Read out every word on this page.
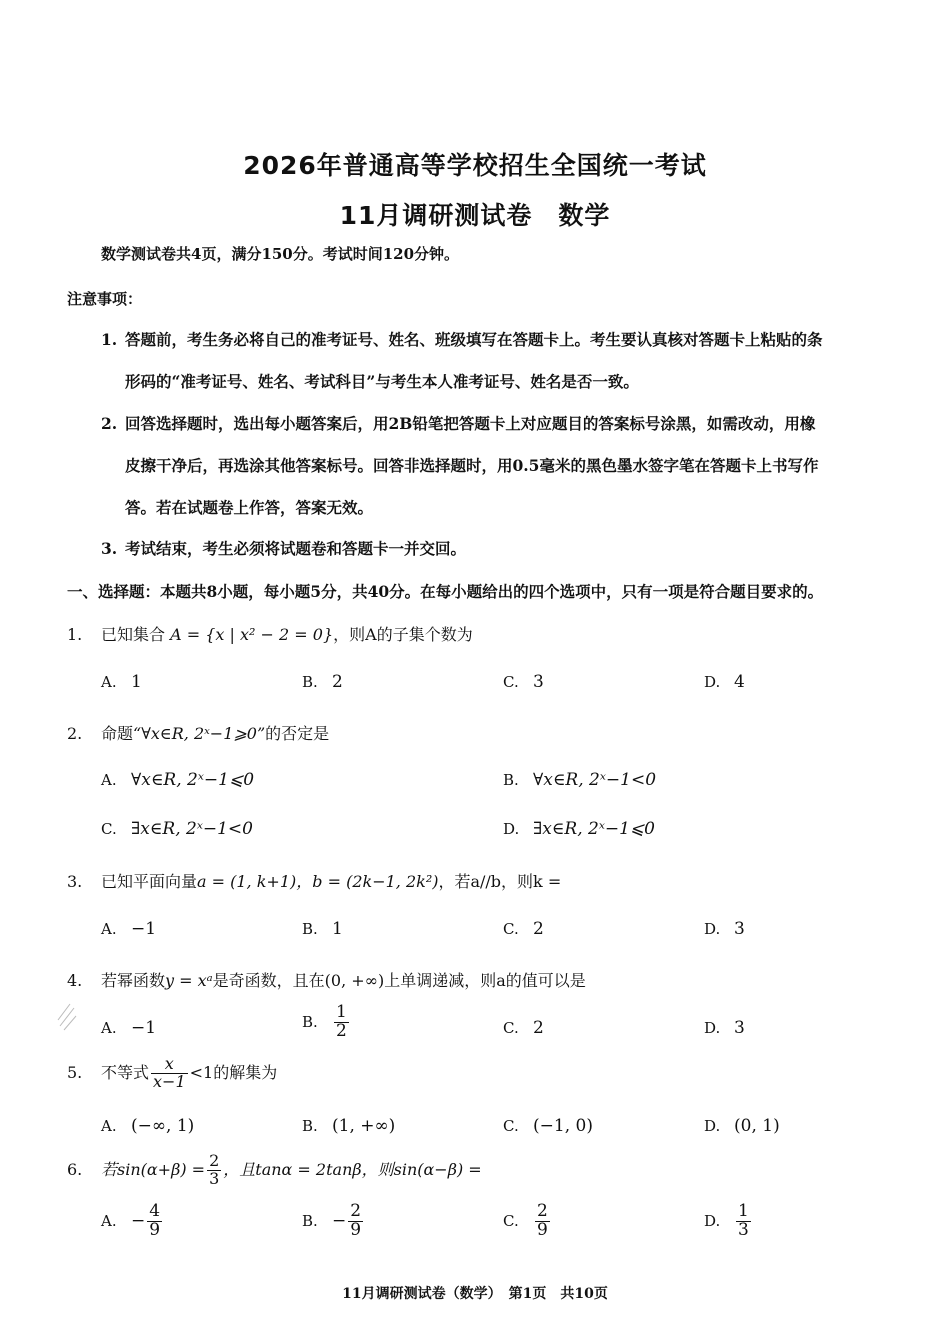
2026年普通高等学校招生全国统一考试
11月调研测试卷　数学
数学测试卷共4页，满分150分。考试时间120分钟。
注意事项：
1. 答题前，考生务必将自己的准考证号、姓名、班级填写在答题卡上。考生要认真核对答题卡上粘贴的条
形码的“准考证号、姓名、考试科目”与考生本人准考证号、姓名是否一致。
2. 回答选择题时，选出每小题答案后，用2B铅笔把答题卡上对应题目的答案标号涂黑，如需改动，用橡
皮擦干净后，再选涂其他答案标号。回答非选择题时，用0.5毫米的黑色墨水签字笔在答题卡上书写作
答。若在试题卷上作答，答案无效。
3. 考试结束，考生必须将试题卷和答题卡一并交回。
一、选择题：本题共8小题，每小题5分，共40分。在每小题给出的四个选项中，只有一项是符合题目要求的。
1. 已知集合 A = {x | x² − 2 = 0}，则A的子集个数为
A. 1	B. 2	C. 3	D. 4
2. 命题“∀x∈R, 2ˣ−1⩾0”的否定是
A. ∀x∈R, 2ˣ−1⩽0	B. ∀x∈R, 2ˣ−1<0
C. ∃x∈R, 2ˣ−1<0	D. ∃x∈R, 2ˣ−1⩽0
3. 已知平面向量a = (1, k+1)，b = (2k−1, 2k²)，若a//b，则k =
A. −1	B. 1	C. 2	D. 3
4. 若幂函数y = xᵃ是奇函数，且在(0, +∞)上单调递减，则a的值可以是
A. −1	B. $\frac{1}{2}$	C. 2	D. 3
5. 不等式 $\frac{x}{x-1} <1$的解集为
A. (−∞, 1)	B. (1, +∞)	C. (−1, 0)	D. (0, 1)
6. 若$\sin(\alpha+\beta) = \frac{2}{3}$ ，且tanα = 2tanβ，则sin(α−β) =
A. − $\frac{4}{9}$	B. − $\frac{2}{9}$	C. $\frac{2}{9}$	D. $\frac{1}{3}$
11月调研测试卷（数学）　第1页　共10页
